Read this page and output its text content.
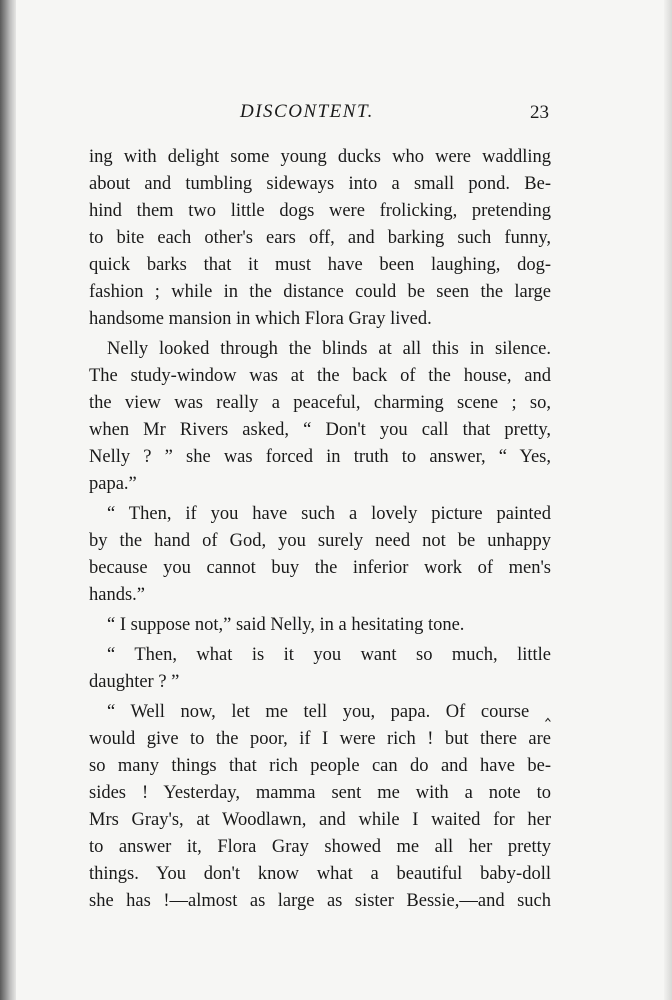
DISCONTENT.	23
ing with delight some young ducks who were waddling
about and tumbling sideways into a small pond. Be-
hind them two little dogs were frolicking, pretending
to bite each other's ears off, and barking such funny,
quick barks that it must have been laughing, dog-
fashion ; while in the distance could be seen the large
handsome mansion in which Flora Gray lived.
Nelly looked through the blinds at all this in silence.
The study-window was at the back of the house, and
the view was really a peaceful, charming scene ; so,
when Mr Rivers asked, “ Don't you call that pretty,
Nelly ? ” she was forced in truth to answer, “ Yes,
papa.”
“ Then, if you have such a lovely picture painted
by the hand of God, you surely need not be unhappy
because you cannot buy the inferior work of men's
hands.”
“ I suppose not,” said Nelly, in a hesitating tone.
“ Then, what is it you want so much, little
daughter ? ”
“ Well now, let me tell you, papa. Of course ‸
would give to the poor, if I were rich ! but there are
so many things that rich people can do and have be-
sides ! Yesterday, mamma sent me with a note to
Mrs Gray's, at Woodlawn, and while I waited for her
to answer it, Flora Gray showed me all her pretty
things. You don't know what a beautiful baby-doll
she has !—almost as large as sister Bessie,—and such
